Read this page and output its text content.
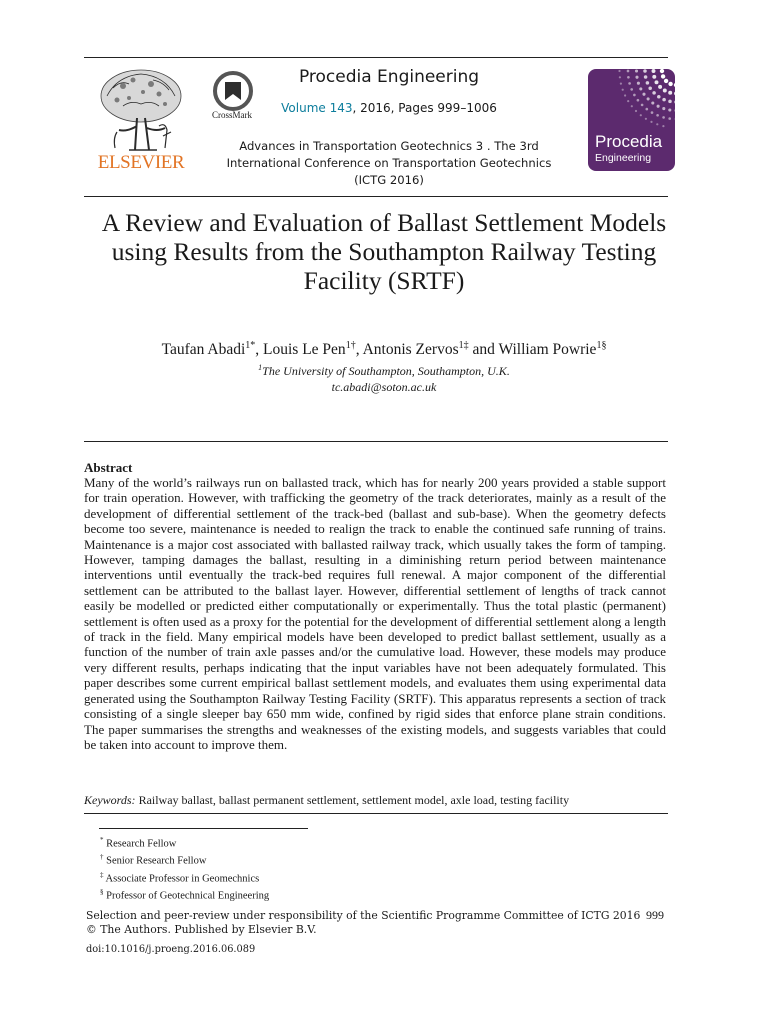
ELSEVIER
CrossMark
Procedia Engineering
Volume 143, 2016, Pages 999–1006
Advances in Transportation Geotechnics 3 . The 3rd
International Conference on Transportation Geotechnics
(ICTG 2016)
Procedia
Engineering
A Review and Evaluation of Ballast Settlement Models
using Results from the Southampton Railway Testing
Facility (SRTF)
Taufan Abadi$^{1*}$, Louis Le Pen$^{1\dagger}$, Antonis Zervos$^{1\ddagger}$ and William Powrie$^{1\S}$
$^1$The University of Southampton, Southampton, U.K.
tc.abadi@soton.ac.uk
Abstract
Many of the world’s railways run on ballasted track, which has for nearly 200 years provided a stable support for train operation. However, with trafficking the geometry of the track deteriorates, mainly as a result of the development of differential settlement of the track-bed (ballast and sub-base). When the geometry defects become too severe, maintenance is needed to realign the track to enable the continued safe running of trains. Maintenance is a major cost associated with ballasted railway track, which usually takes the form of tamping. However, tamping damages the ballast, resulting in a diminishing return period between maintenance interventions until eventually the track-bed requires full renewal. A major component of the differential settlement can be attributed to the ballast layer. However, differential settlement of lengths of track cannot easily be modelled or predicted either computationally or experimentally. Thus the total plastic (permanent) settlement is often used as a proxy for the potential for the development of differential settlement along a length of track in the field. Many empirical models have been developed to predict ballast settlement, usually as a function of the number of train axle passes and/or the cumulative load. However, these models may produce very different results, perhaps indicating that the input variables have not been adequately formulated. This paper describes some current empirical ballast settlement models, and evaluates them using experimental data generated using the Southampton Railway Testing Facility (SRTF). This apparatus represents a section of track consisting of a single sleeper bay 650 mm wide, confined by rigid sides that enforce plane strain conditions. The paper summarises the strengths and weaknesses of the existing models, and suggests variables that could be taken into account to improve them.
Keywords: Railway ballast, ballast permanent settlement, settlement model, axle load, testing facility
* Research Fellow
† Senior Research Fellow
‡ Associate Professor in Geomechnics
§ Professor of Geotechnical Engineering
Selection and peer-review under responsibility of the Scientific Programme Committee of ICTG 2016
© The Authors. Published by Elsevier B.V.
999
doi:10.1016/j.proeng.2016.06.089
